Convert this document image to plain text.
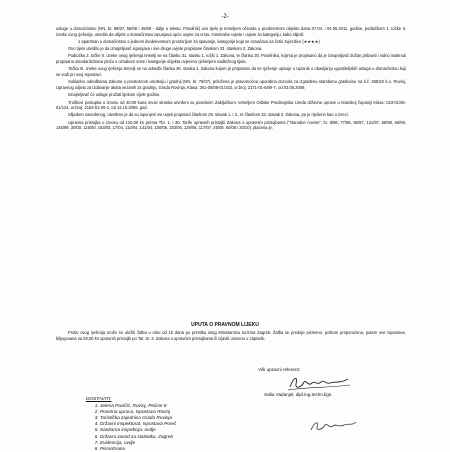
-2-

usluge u domaćinstvu (NN, br. 88/07, 58/08 i 45/09 - dalje u tekstu: Pravilnik) ovo tijelo je temeljem očevida u predmetnom objektu dana 07.04. i 04.05.2011. godine, podtočkom 1. točke II. izreke ovog rješenja, utvrdilo da objekt u domaćinstvu ispunjava opće uvjete za vrstu, minimalne uvjete i uvjete za kategoriju, kako slijedi:

1 apartman u domaćinstvu s jednom dvokrevetnom prostorijom za spavanje, kategorije koja se označava sa četiri zvjezdice (★★★★)

Ovo tijelo utvrdilo je da iznajmljivač ispunjava i sve druge uvjete propisane člankom 33. stavkom 2. Zakona.

Podtočka 2. točke II. izreke ovog rješenja temelji se na članku 31. stavku 1. točki 1. Zakona, te članku 30. Pravilnika, kojima je propisano da je iznajmljivač dužan pribaviti i vidno istaknuti propisanu standardiziranu ploču s oznakom vrste i kategorije objekta ovjerenu rješenjem nadležnog tijela.

Točka III. izreke ovog rješenja temelji se na odredbi članka 36. stavka 1. Zakona kojom je propisano da se rješenje upisuje u Upisnik o obavljanju ugostiteljskih usluga u domaćinstvu koji se vodi pri ovoj Ispostavi.

Sukladno odredbama Zakona o prostornom uređenju i gradnji (NN, br. 76/07), priložena je pravomoćna uporabna dozvola za izgrađenu stambenu građevinu na k.č. 6583/2 k.o. Rovinj, Upravnog odjela za izdavanje akata vezanih za gradnju, Grada Rovinja, Klasa: 361-05/08-01/153, ur.broj: 2171-01-6/09-7, od 03.06.2009.

Iznajmljivač će usluge pružati tijekom cijele godine.

Troškovi postupka u iznosu od 40,00 kuna snosi stranka utvrđeni su posebnim Zaključkom, temeljem Odluke Predstojnika Ureda državne uprave u Istarskoj županiji Klasa: 023-01/06-01/124, ur.broj: 2163-01-06-1, od 12.10.2006. god.

Slijedom navedenog, utvrđeno je da su ispunjeni svi uvjeti propisani člankom 29. stavak 1. i 3., te člankom 33. stavak 2. Zakona, pa je riješeno kao u izreci.

Upravna pristojba u iznosu od 120,00 kn prema Tbr. 1. i 30. Tarife upravnih pristojbi Zakona o upravnim pristojbama ("Narodne novine", br. 8/96, 77/96, 95/97, 131/97, 68/98, 66/99, 145/99, 30/00, 116/00, 163/03, 17/04, 110/04, 141/04, 150/05, 153/05, 129/06, 117/07, 25/08, 60/08 i 20/10), plaćena je.

UPUTA O PRAVNOM LIJEKU

Protiv ovog rješenja može se uložiti žalba u roku od 15 dana po primitku istog Ministarstvu turizma Zagreb. Žalba se predaje pismeno, poštom preporučeno, putem ove Ispostave, biljegovana sa 50,00 kn upravnih pristojbi po Tar. br. 3. Zakona o upravnim pristojbama ili izjaviti usmeno u zapisnik.

Viši upravni referent:
Saša Vadanjel, dipl.ing.techn.lign.
DOSTAVITI:
1. Jelena Pavičić, Rovinj, Pećine 8
2. Porezna uprava, Ispostava Rovinj
3. Turistička zajednica Grada Rovinja
4. Državni inspektorat, Ispostava Poreč
5. Sanitarna inspekcija, ovdje
6. Državni zavod za statistiku, Zagreb
7. Evidencija, ovdje
8. Pismohrana
